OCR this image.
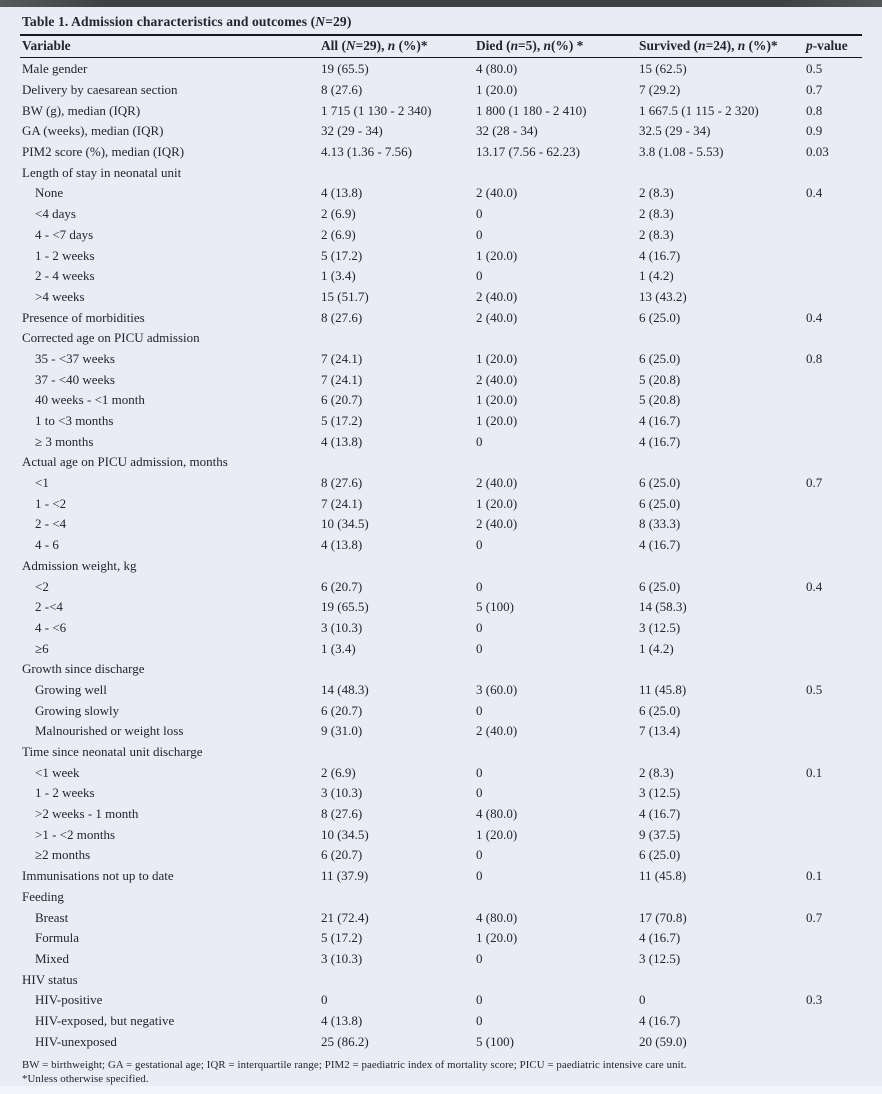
Table 1. Admission characteristics and outcomes (N=29)
Variable	All (N=29), n (%)*	Died (n=5), n(%) *	Survived (n=24), n (%)*	p-value
Male gender	19 (65.5)	4 (80.0)	15 (62.5)	0.5
Delivery by caesarean section	8 (27.6)	1 (20.0)	7 (29.2)	0.7
BW (g), median (IQR)	1 715 (1 130 - 2 340)	1 800 (1 180 - 2 410)	1 667.5 (1 115 - 2 320)	0.8
GA (weeks), median (IQR)	32 (29 - 34)	32 (28 - 34)	32.5 (29 - 34)	0.9
PIM2 score (%), median (IQR)	4.13 (1.36 - 7.56)	13.17 (7.56 - 62.23)	3.8 (1.08 - 5.53)	0.03
Length of stay in neonatal unit
None	4 (13.8)	2 (40.0)	2 (8.3)	0.4
<4 days	2 (6.9)	0	2 (8.3)
4 - <7 days	2 (6.9)	0	2 (8.3)
1 - 2 weeks	5 (17.2)	1 (20.0)	4 (16.7)
2 - 4 weeks	1 (3.4)	0	1 (4.2)
>4 weeks	15 (51.7)	2 (40.0)	13 (43.2)
Presence of morbidities	8 (27.6)	2 (40.0)	6 (25.0)	0.4
Corrected age on PICU admission
35 - <37 weeks	7 (24.1)	1 (20.0)	6 (25.0)	0.8
37 - <40 weeks	7 (24.1)	2 (40.0)	5 (20.8)
40 weeks - <1 month	6 (20.7)	1 (20.0)	5 (20.8)
1 to <3 months	5 (17.2)	1 (20.0)	4 (16.7)
≥ 3 months	4 (13.8)	0	4 (16.7)
Actual age on PICU admission, months
<1	8 (27.6)	2 (40.0)	6 (25.0)	0.7
1 - <2	7 (24.1)	1 (20.0)	6 (25.0)
2 - <4	10 (34.5)	2 (40.0)	8 (33.3)
4 - 6	4 (13.8)	0	4 (16.7)
Admission weight, kg
<2	6 (20.7)	0	6 (25.0)	0.4
2 -<4	19 (65.5)	5 (100)	14 (58.3)
4 - <6	3 (10.3)	0	3 (12.5)
≥6	1 (3.4)	0	1 (4.2)
Growth since discharge
Growing well	14 (48.3)	3 (60.0)	11 (45.8)	0.5
Growing slowly	6 (20.7)	0	6 (25.0)
Malnourished or weight loss	9 (31.0)	2 (40.0)	7 (13.4)
Time since neonatal unit discharge
<1 week	2 (6.9)	0	2 (8.3)	0.1
1 - 2 weeks	3 (10.3)	0	3 (12.5)
>2 weeks - 1 month	8 (27.6)	4 (80.0)	4 (16.7)
>1 - <2 months	10 (34.5)	1 (20.0)	9 (37.5)
≥2 months	6 (20.7)	0	6 (25.0)
Immunisations not up to date	11 (37.9)	0	11 (45.8)	0.1
Feeding
Breast	21 (72.4)	4 (80.0)	17 (70.8)	0.7
Formula	5 (17.2)	1 (20.0)	4 (16.7)
Mixed	3 (10.3)	0	3 (12.5)
HIV status
HIV-positive	0	0	0	0.3
HIV-exposed, but negative	4 (13.8)	0	4 (16.7)
HIV-unexposed	25 (86.2)	5 (100)	20 (59.0)
BW = birthweight; GA = gestational age; IQR = interquartile range; PIM2 = paediatric index of mortality score; PICU = paediatric intensive care unit.
*Unless otherwise specified.
